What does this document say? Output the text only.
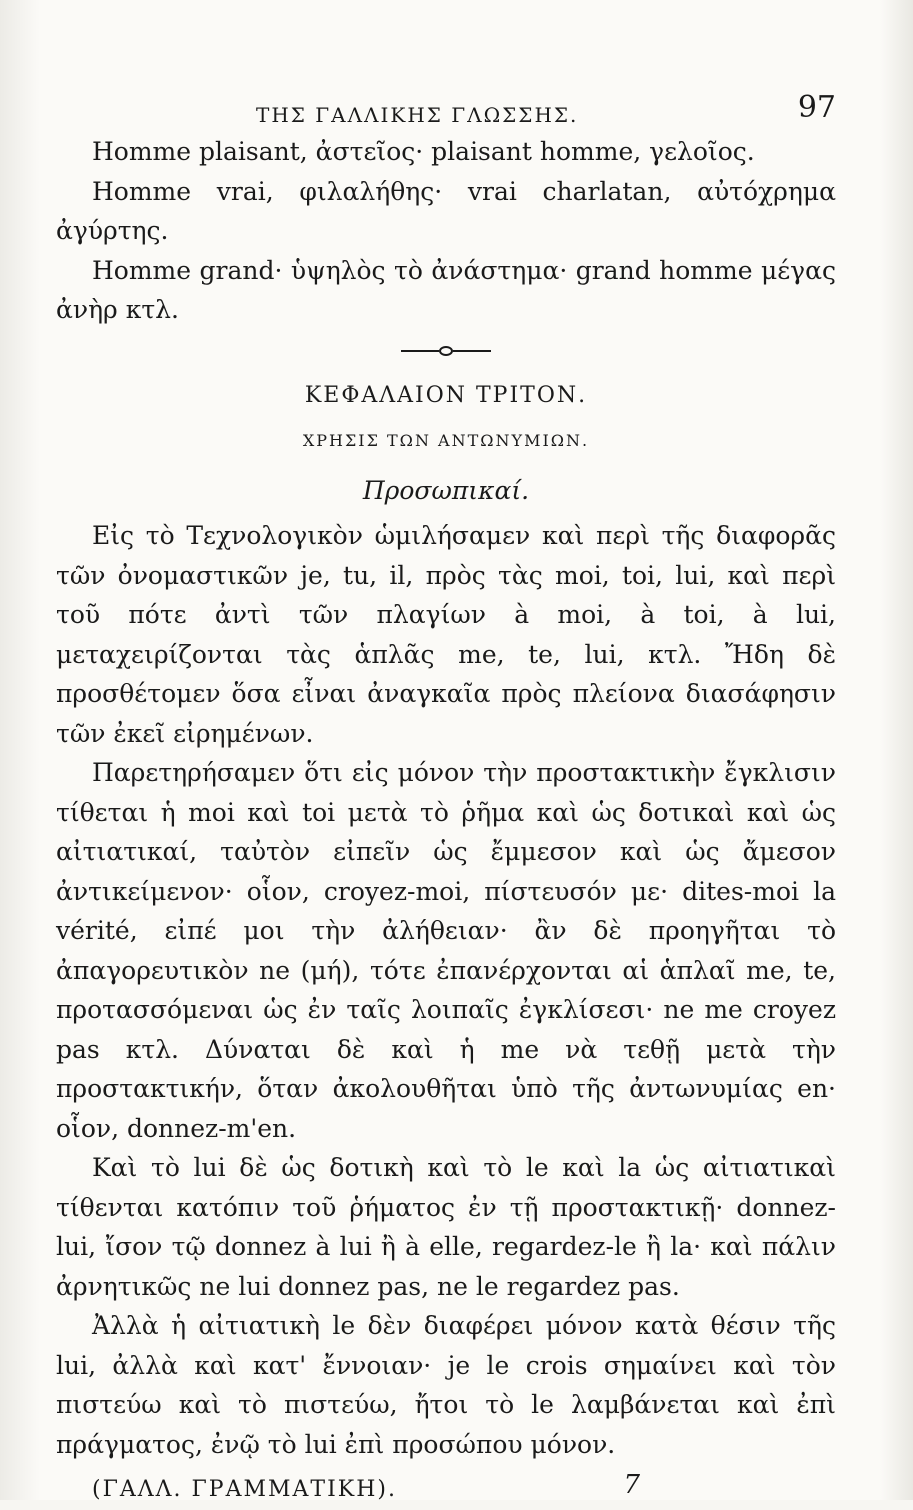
ΤΗΣ ΓΑΛΛΙΚΗΣ ΓΛΩΣΣΗΣ.	97

Homme plaisant, ἀστεῖος· plaisant homme, γελοῖος.

Homme vrai, φιλαλήθης· vrai charlatan, αὐτόχρημα ἀγύρτης.

Homme grand· ὑψηλὸς τὸ ἀνάστημα· grand homme μέγας ἀνὴρ κτλ.

ΚΕΦΑΛΑΙΟΝ ΤΡΙΤΟΝ.

ΧΡΗΣΙΣ ΤΩΝ ΑΝΤΩΝΥΜΙΩΝ.

Προσωπικαί.

Εἰς τὸ Τεχνολογικὸν ὡμιλήσαμεν καὶ περὶ τῆς διαφορᾶς τῶν ὀνομαστικῶν je, tu, il, πρὸς τὰς moi, toi, lui, καὶ περὶ τοῦ πότε ἀντὶ τῶν πλαγίων à moi, à toi, à lui, μεταχειρίζονται τὰς ἁπλᾶς me, te, lui, κτλ. Ἤδη δὲ προσθέτομεν ὅσα εἶναι ἀναγκαῖα πρὸς πλείονα διασάφησιν τῶν ἐκεῖ εἰρημένων.

Παρετηρήσαμεν ὅτι εἰς μόνον τὴν προστακτικὴν ἔγκλισιν τίθεται ἡ moi καὶ toi μετὰ τὸ ῥῆμα καὶ ὡς δοτικαὶ καὶ ὡς αἰτιατικαί, ταὐτὸν εἰπεῖν ὡς ἔμμεσον καὶ ὡς ἄμεσον ἀντικείμενον· οἷον, croyez-moi, πίστευσόν με· dites-moi la vérité, εἰπέ μοι τὴν ἀλήθειαν· ἂν δὲ προηγῆται τὸ ἀπαγορευτικὸν ne (μή), τότε ἐπανέρχονται αἱ ἁπλαῖ me, te, προτασσόμεναι ὡς ἐν ταῖς λοιπαῖς ἐγκλίσεσι· ne me croyez pas κτλ. Δύναται δὲ καὶ ἡ me νὰ τεθῇ μετὰ τὴν προστακτικήν, ὅταν ἀκολουθῆται ὑπὸ τῆς ἀντωνυμίας en· οἷον, donnez-m'en.

Καὶ τὸ lui δὲ ὡς δοτικὴ καὶ τὸ le καὶ la ὡς αἰτιατικαὶ τίθενται κατόπιν τοῦ ῥήματος ἐν τῇ προστακτικῇ· donnez-lui, ἴσον τῷ donnez à lui ἢ à elle, regardez-le ἢ la· καὶ πάλιν ἀρνητικῶς ne lui donnez pas, ne le regardez pas.

Ἀλλὰ ἡ αἰτιατικὴ le δὲν διαφέρει μόνον κατὰ θέσιν τῆς lui, ἀλλὰ καὶ κατ' ἔννοιαν· je le crois σημαίνει καὶ τὸν πιστεύω καὶ τὸ πιστεύω, ἤτοι τὸ le λαμβάνεται καὶ ἐπὶ πράγματος, ἐνῷ τὸ lui ἐπὶ προσώπου μόνον.

(ΓΑΛΛ. ΓΡΑΜΜΑΤΙΚΗ).	7
